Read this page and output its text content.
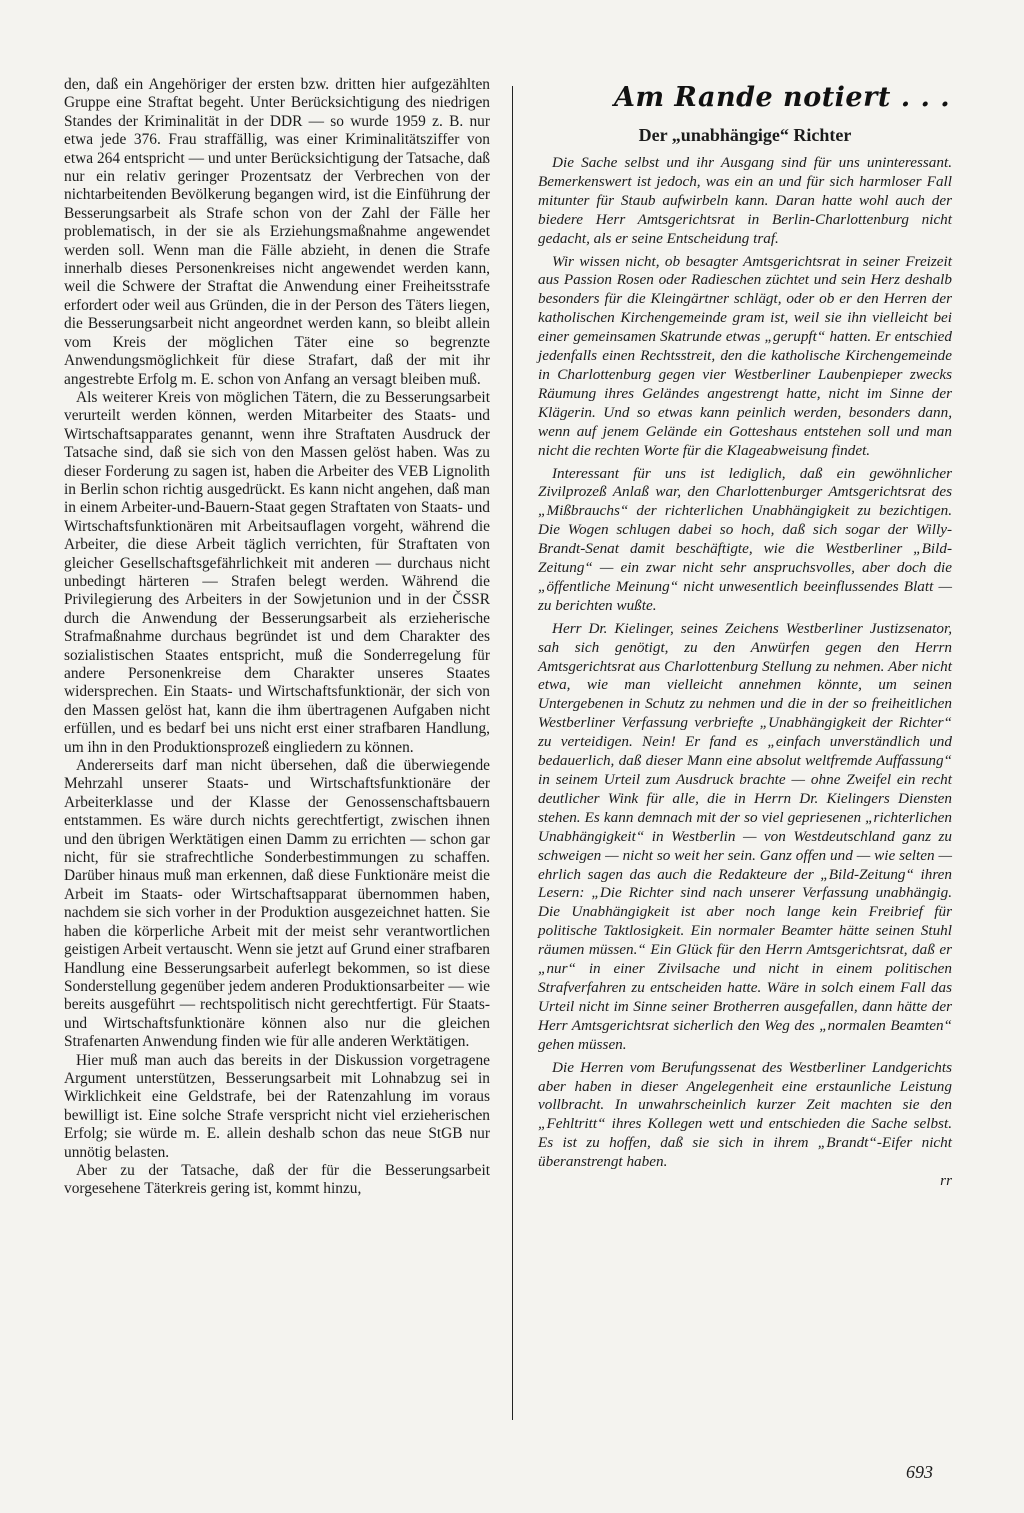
den, daß ein Angehöriger der ersten bzw. dritten hier aufgezählten Gruppe eine Straftat begeht. Unter Berücksichtigung des niedrigen Standes der Kriminalität in der DDR — so wurde 1959 z. B. nur etwa jede 376. Frau straffällig, was einer Kriminalitätsziffer von etwa 264 entspricht — und unter Berücksichtigung der Tatsache, daß nur ein relativ geringer Prozentsatz der Verbrechen von der nichtarbeitenden Bevölkerung begangen wird, ist die Einführung der Besserungsarbeit als Strafe schon von der Zahl der Fälle her problematisch, in der sie als Erziehungsmaßnahme angewendet werden soll. Wenn man die Fälle abzieht, in denen die Strafe innerhalb dieses Personenkreises nicht angewendet werden kann, weil die Schwere der Straftat die Anwendung einer Freiheitsstrafe erfordert oder weil aus Gründen, die in der Person des Täters liegen, die Besserungsarbeit nicht angeordnet werden kann, so bleibt allein vom Kreis der möglichen Täter eine so begrenzte Anwendungsmöglichkeit für diese Strafart, daß der mit ihr angestrebte Erfolg m. E. schon von Anfang an versagt bleiben muß.

Als weiterer Kreis von möglichen Tätern, die zu Besserungsarbeit verurteilt werden können, werden Mitarbeiter des Staats- und Wirtschaftsapparates genannt, wenn ihre Straftaten Ausdruck der Tatsache sind, daß sie sich von den Massen gelöst haben. Was zu dieser Forderung zu sagen ist, haben die Arbeiter des VEB Lignolith in Berlin schon richtig ausgedrückt. Es kann nicht angehen, daß man in einem Arbeiter-und-Bauern-Staat gegen Straftaten von Staats- und Wirtschaftsfunktionären mit Arbeitsauflagen vorgeht, während die Arbeiter, die diese Arbeit täglich verrichten, für Straftaten von gleicher Gesellschaftsgefährlichkeit mit anderen — durchaus nicht unbedingt härteren — Strafen belegt werden. Während die Privilegierung des Arbeiters in der Sowjetunion und in der ČSSR durch die Anwendung der Besserungsarbeit als erzieherische Strafmaßnahme durchaus begründet ist und dem Charakter des sozialistischen Staates entspricht, muß die Sonderregelung für andere Personenkreise dem Charakter unseres Staates widersprechen. Ein Staats- und Wirtschaftsfunktionär, der sich von den Massen gelöst hat, kann die ihm übertragenen Aufgaben nicht erfüllen, und es bedarf bei uns nicht erst einer strafbaren Handlung, um ihn in den Produktionsprozeß eingliedern zu können.

Andererseits darf man nicht übersehen, daß die überwiegende Mehrzahl unserer Staats- und Wirtschaftsfunktionäre der Arbeiterklasse und der Klasse der Genossenschaftsbauern entstammen. Es wäre durch nichts gerechtfertigt, zwischen ihnen und den übrigen Werktätigen einen Damm zu errichten — schon gar nicht, für sie strafrechtliche Sonderbestimmungen zu schaffen. Darüber hinaus muß man erkennen, daß diese Funktionäre meist die Arbeit im Staats- oder Wirtschaftsapparat übernommen haben, nachdem sie sich vorher in der Produktion ausgezeichnet hatten. Sie haben die körperliche Arbeit mit der meist sehr verantwortlichen geistigen Arbeit vertauscht. Wenn sie jetzt auf Grund einer strafbaren Handlung eine Besserungsarbeit auferlegt bekommen, so ist diese Sonderstellung gegenüber jedem anderen Produktionsarbeiter — wie bereits ausgeführt — rechtspolitisch nicht gerechtfertigt. Für Staats- und Wirtschaftsfunktionäre können also nur die gleichen Strafenarten Anwendung finden wie für alle anderen Werktätigen.

Hier muß man auch das bereits in der Diskussion vorgetragene Argument unterstützen, Besserungsarbeit mit Lohnabzug sei in Wirklichkeit eine Geldstrafe, bei der Ratenzahlung im voraus bewilligt ist. Eine solche Strafe verspricht nicht viel erzieherischen Erfolg; sie würde m. E. allein deshalb schon das neue StGB nur unnötig belasten.

Aber zu der Tatsache, daß der für die Besserungsarbeit vorgesehene Täterkreis gering ist, kommt hinzu,

Am Rande notiert . . .
Der „unabhängige“ Richter

Die Sache selbst und ihr Ausgang sind für uns uninteressant. Bemerkenswert ist jedoch, was ein an und für sich harmloser Fall mitunter für Staub aufwirbeln kann. Daran hatte wohl auch der biedere Herr Amtsgerichtsrat in Berlin-Charlottenburg nicht gedacht, als er seine Entscheidung traf.

Wir wissen nicht, ob besagter Amtsgerichtsrat in seiner Freizeit aus Passion Rosen oder Radieschen züchtet und sein Herz deshalb besonders für die Kleingärtner schlägt, oder ob er den Herren der katholischen Kirchengemeinde gram ist, weil sie ihn vielleicht bei einer gemeinsamen Skatrunde etwas „gerupft“ hatten. Er entschied jedenfalls einen Rechtsstreit, den die katholische Kirchengemeinde in Charlottenburg gegen vier Westberliner Laubenpieper zwecks Räumung ihres Geländes angestrengt hatte, nicht im Sinne der Klägerin. Und so etwas kann peinlich werden, besonders dann, wenn auf jenem Gelände ein Gotteshaus entstehen soll und man nicht die rechten Worte für die Klageabweisung findet.

Interessant für uns ist lediglich, daß ein gewöhnlicher Zivilprozeß Anlaß war, den Charlottenburger Amtsgerichtsrat des „Mißbrauchs“ der richterlichen Unabhängigkeit zu bezichtigen. Die Wogen schlugen dabei so hoch, daß sich sogar der Willy-Brandt-Senat damit beschäftigte, wie die Westberliner „Bild-Zeitung“ — ein zwar nicht sehr anspruchsvolles, aber doch die „öffentliche Meinung“ nicht unwesentlich beeinflussendes Blatt — zu berichten wußte.

Herr Dr. Kielinger, seines Zeichens Westberliner Justizsenator, sah sich genötigt, zu den Anwürfen gegen den Herrn Amtsgerichtsrat aus Charlottenburg Stellung zu nehmen. Aber nicht etwa, wie man vielleicht annehmen könnte, um seinen Untergebenen in Schutz zu nehmen und die in der so freiheitlichen Westberliner Verfassung verbriefte „Unabhängigkeit der Richter“ zu verteidigen. Nein! Er fand es „einfach unverständlich und bedauerlich, daß dieser Mann eine absolut weltfremde Auffassung“ in seinem Urteil zum Ausdruck brachte — ohne Zweifel ein recht deutlicher Wink für alle, die in Herrn Dr. Kielingers Diensten stehen. Es kann demnach mit der so viel gepriesenen „richterlichen Unabhängigkeit“ in Westberlin — von Westdeutschland ganz zu schweigen — nicht so weit her sein. Ganz offen und — wie selten — ehrlich sagen das auch die Redakteure der „Bild-Zeitung“ ihren Lesern: „Die Richter sind nach unserer Verfassung unabhängig. Die Unabhängigkeit ist aber noch lange kein Freibrief für politische Taktlosigkeit. Ein normaler Beamter hätte seinen Stuhl räumen müssen.“ Ein Glück für den Herrn Amtsgerichtsrat, daß er „nur“ in einer Zivilsache und nicht in einem politischen Strafverfahren zu entscheiden hatte. Wäre in solch einem Fall das Urteil nicht im Sinne seiner Brotherren ausgefallen, dann hätte der Herr Amtsgerichtsrat sicherlich den Weg des „normalen Beamten“ gehen müssen.

Die Herren vom Berufungssenat des Westberliner Landgerichts aber haben in dieser Angelegenheit eine erstaunliche Leistung vollbracht. In unwahrscheinlich kurzer Zeit machten sie den „Fehltritt“ ihres Kollegen wett und entschieden die Sache selbst. Es ist zu hoffen, daß sie sich in ihrem „Brandt“-Eifer nicht überanstrengt haben.

rr
693
